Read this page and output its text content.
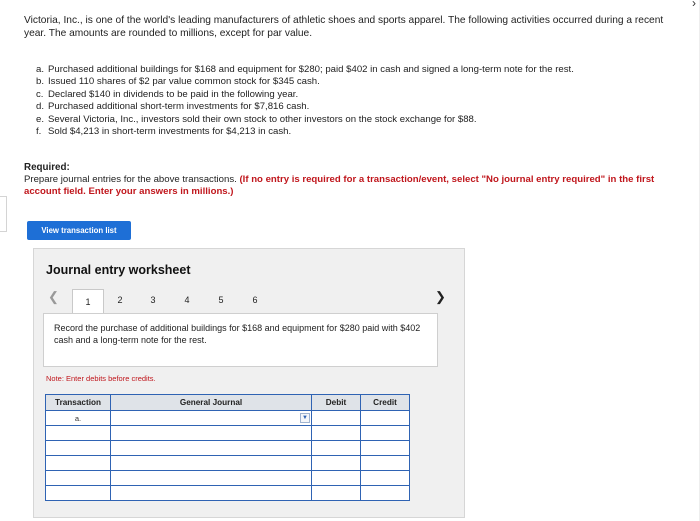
›
Victoria, Inc., is one of the world's leading manufacturers of athletic shoes and sports apparel. The following activities occurred during a recent year. The amounts are rounded to millions, except for par value.
a. Purchased additional buildings for $168 and equipment for $280; paid $402 in cash and signed a long-term note for the rest.
b. Issued 110 shares of $2 par value common stock for $345 cash.
c. Declared $140 in dividends to be paid in the following year.
d. Purchased additional short-term investments for $7,816 cash.
e. Several Victoria, Inc., investors sold their own stock to other investors on the stock exchange for $88.
f. Sold $4,213 in short-term investments for $4,213 in cash.
Required:
Prepare journal entries for the above transactions. (If no entry is required for a transaction/event, select "No journal entry required" in the first account field. Enter your answers in millions.)
View transaction list
Journal entry worksheet
❮	1	2	3	4	5	6	❯
Record the purchase of additional buildings for $168 and equipment for $280 paid with $402 cash and a long-term note for the rest.
Note: Enter debits before credits.
Transaction	General Journal	Debit	Credit
a.	▼		
